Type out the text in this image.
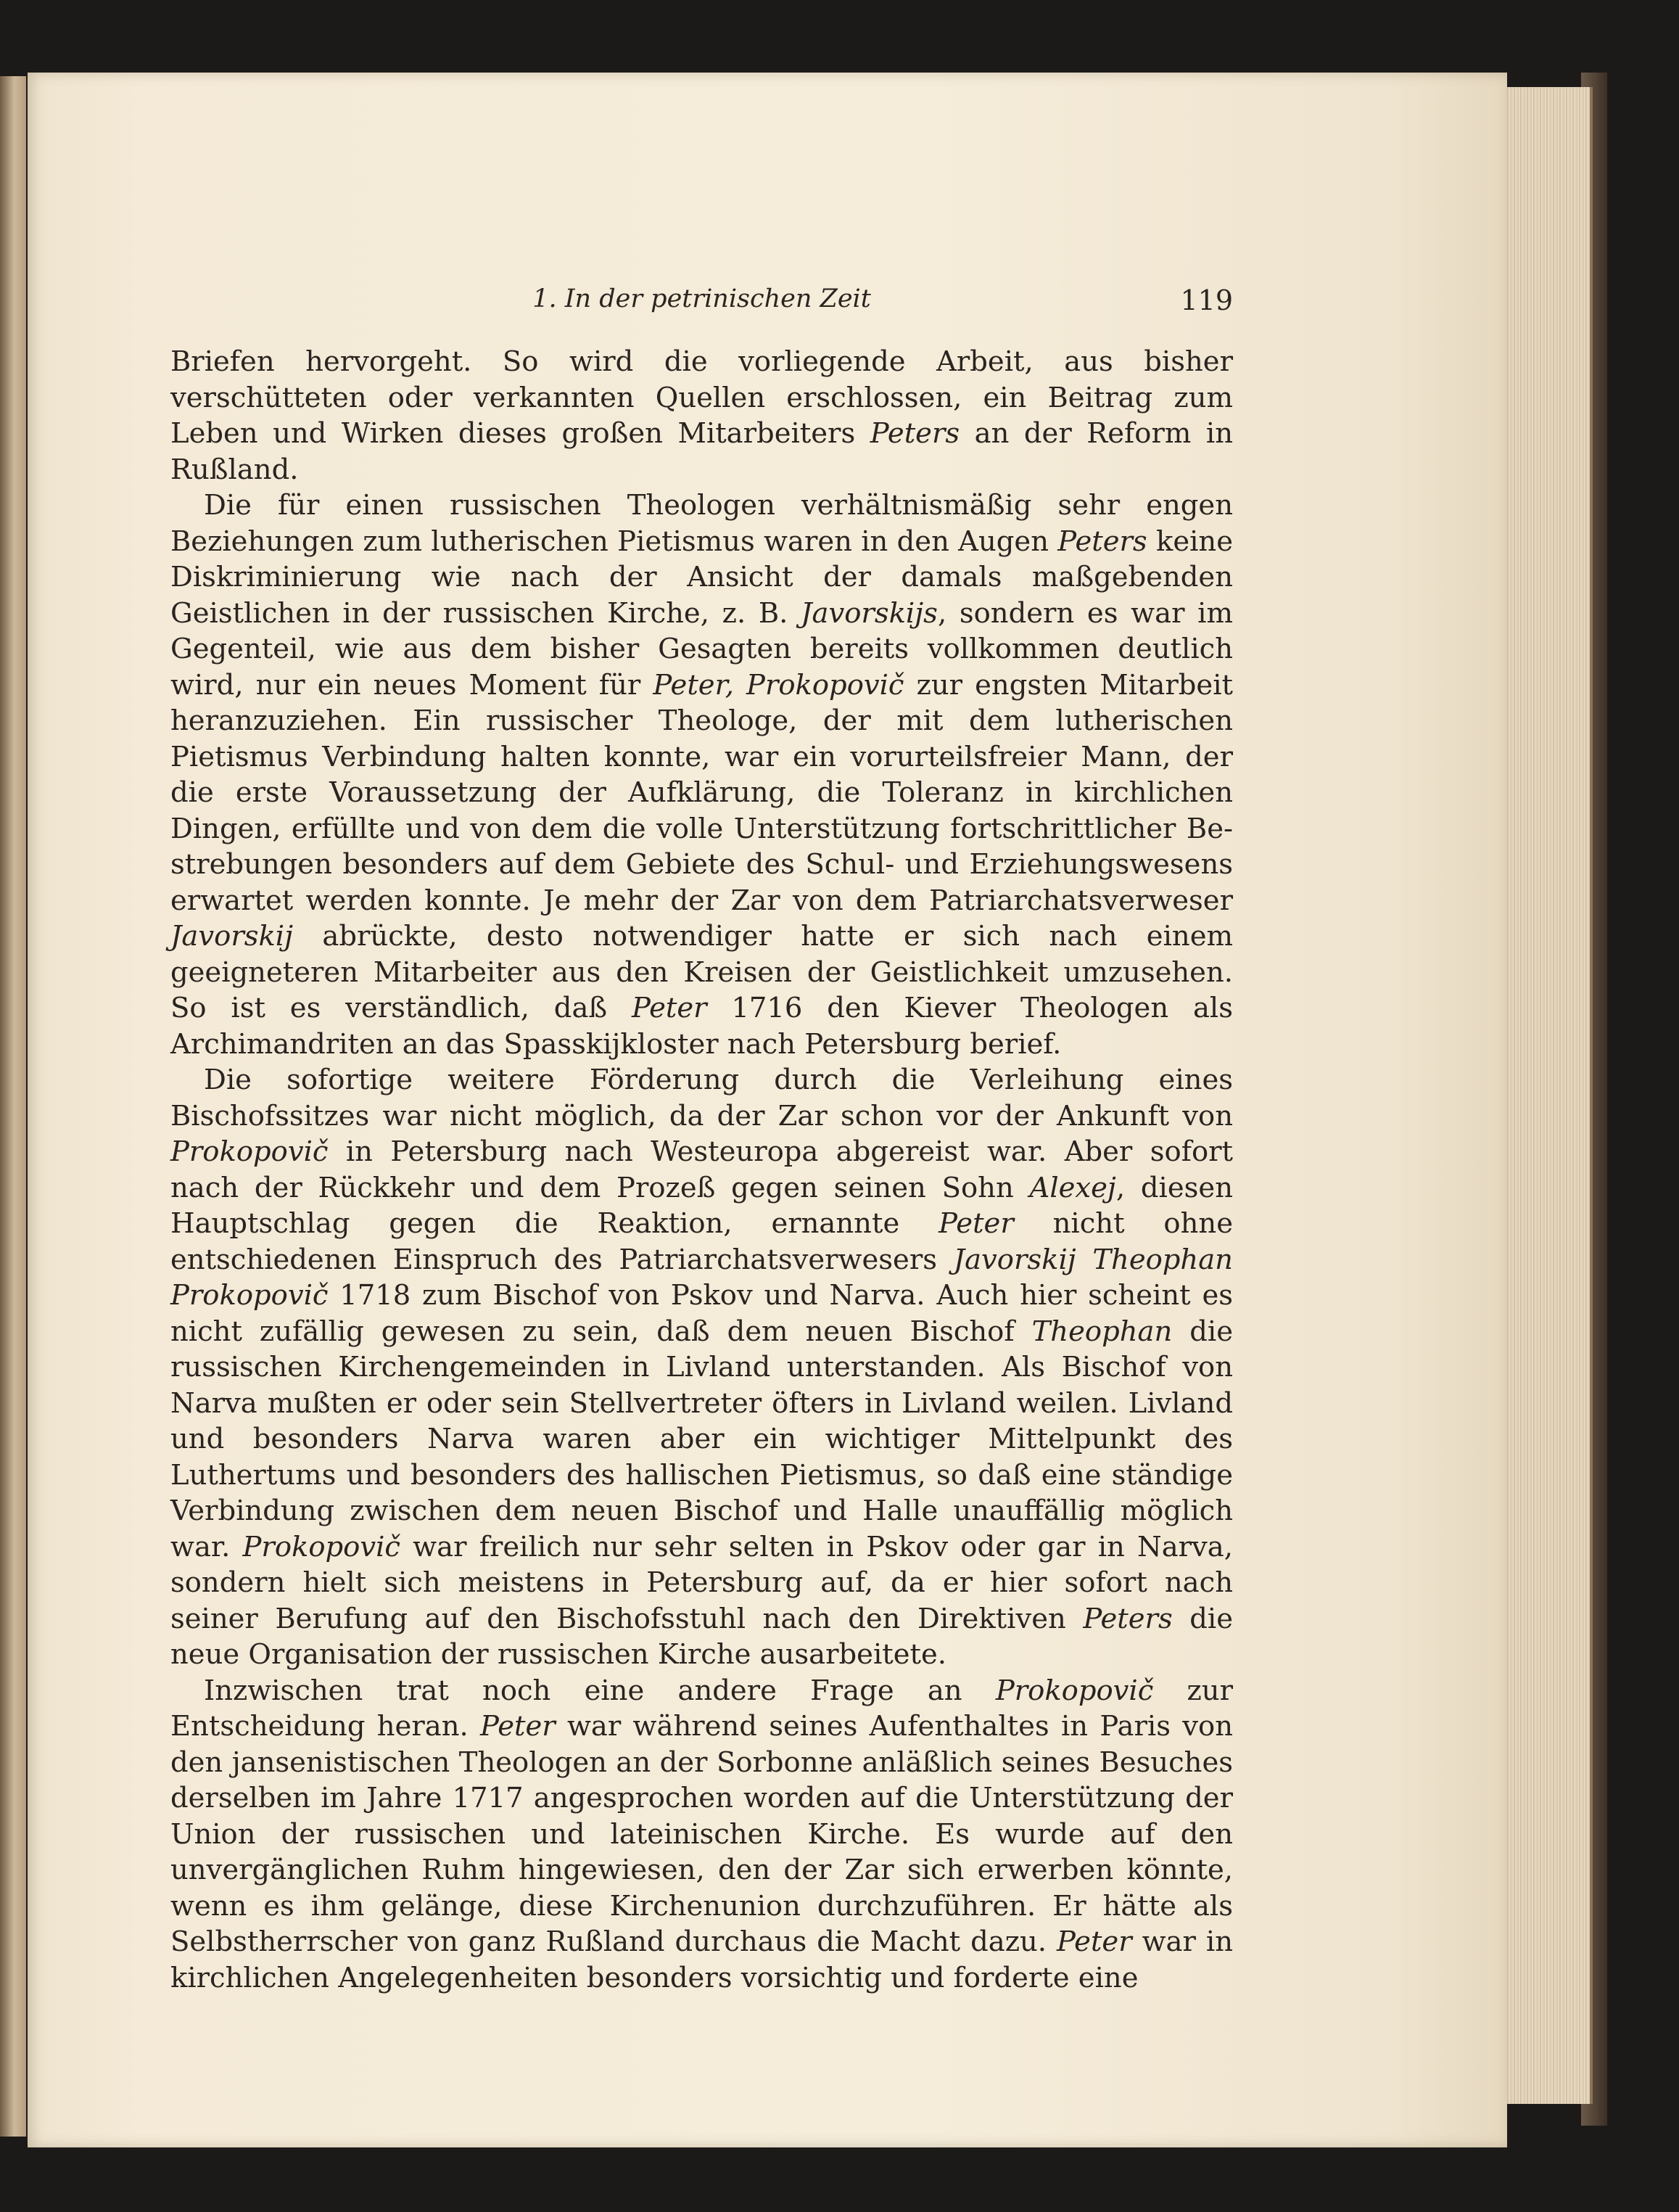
1. In der petrinischen Zeit	119

Briefen hervorgeht. So wird die vorliegende Arbeit, aus bisher verschütteten oder verkannten Quellen erschlossen, ein Beitrag zum Leben und Wirken dieses großen Mitarbeiters Peters an der Reform in Rußland.

Die für einen russischen Theologen verhältnismäßig sehr engen Beziehungen zum lutherischen Pietismus waren in den Augen Peters keine Diskriminierung wie nach der Ansicht der damals maßgebenden Geistlichen in der russischen Kirche, z. B. Javorskijs, sondern es war im Gegenteil, wie aus dem bisher Gesagten bereits vollkommen deutlich wird, nur ein neues Moment für Peter, Prokopovič zur engsten Mitarbeit heranzuziehen. Ein russischer Theologe, der mit dem lutherischen Pietismus Verbindung halten konnte, war ein vorurteilsfreier Mann, der die erste Voraussetzung der Aufklärung, die Toleranz in kirchlichen Dingen, erfüllte und von dem die volle Unterstützung fortschrittlicher Bestrebungen besonders auf dem Gebiete des Schul- und Erziehungswesens erwartet werden konnte. Je mehr der Zar von dem Patriarchatsverweser Javorskij abrückte, desto notwendiger hatte er sich nach einem geeigneteren Mitarbeiter aus den Kreisen der Geistlichkeit umzusehen. So ist es verständlich, daß Peter 1716 den Kiever Theologen als Archimandriten an das Spasskijkloster nach Petersburg berief.

Die sofortige weitere Förderung durch die Verleihung eines Bischofssitzes war nicht möglich, da der Zar schon vor der Ankunft von Prokopovič in Petersburg nach Westeuropa abgereist war. Aber sofort nach der Rückkehr und dem Prozeß gegen seinen Sohn Alexej, diesen Hauptschlag gegen die Reaktion, ernannte Peter nicht ohne entschiedenen Einspruch des Patriarchatsverwesers Javorskij Theophan Prokopovič 1718 zum Bischof von Pskov und Narva. Auch hier scheint es nicht zufällig gewesen zu sein, daß dem neuen Bischof Theophan die russischen Kirchengemeinden in Livland unterstanden. Als Bischof von Narva mußten er oder sein Stellvertreter öfters in Livland weilen. Livland und besonders Narva waren aber ein wichtiger Mittelpunkt des Luthertums und besonders des hallischen Pietismus, so daß eine ständige Verbindung zwischen dem neuen Bischof und Halle unauffällig möglich war. Prokopovič war freilich nur sehr selten in Pskov oder gar in Narva, sondern hielt sich meistens in Petersburg auf, da er hier sofort nach seiner Berufung auf den Bischofsstuhl nach den Direktiven Peters die neue Organisation der russischen Kirche ausarbeitete.

Inzwischen trat noch eine andere Frage an Prokopovič zur Entscheidung heran. Peter war während seines Aufenthaltes in Paris von den jansenistischen Theologen an der Sorbonne anläßlich seines Besuches derselben im Jahre 1717 angesprochen worden auf die Unterstützung der Union der russischen und lateinischen Kirche. Es wurde auf den unvergänglichen Ruhm hingewiesen, den der Zar sich erwerben könnte, wenn es ihm gelänge, diese Kirchenunion durchzuführen. Er hätte als Selbstherrscher von ganz Rußland durchaus die Macht dazu. Peter war in kirchlichen Angelegenheiten besonders vorsichtig und forderte eine
